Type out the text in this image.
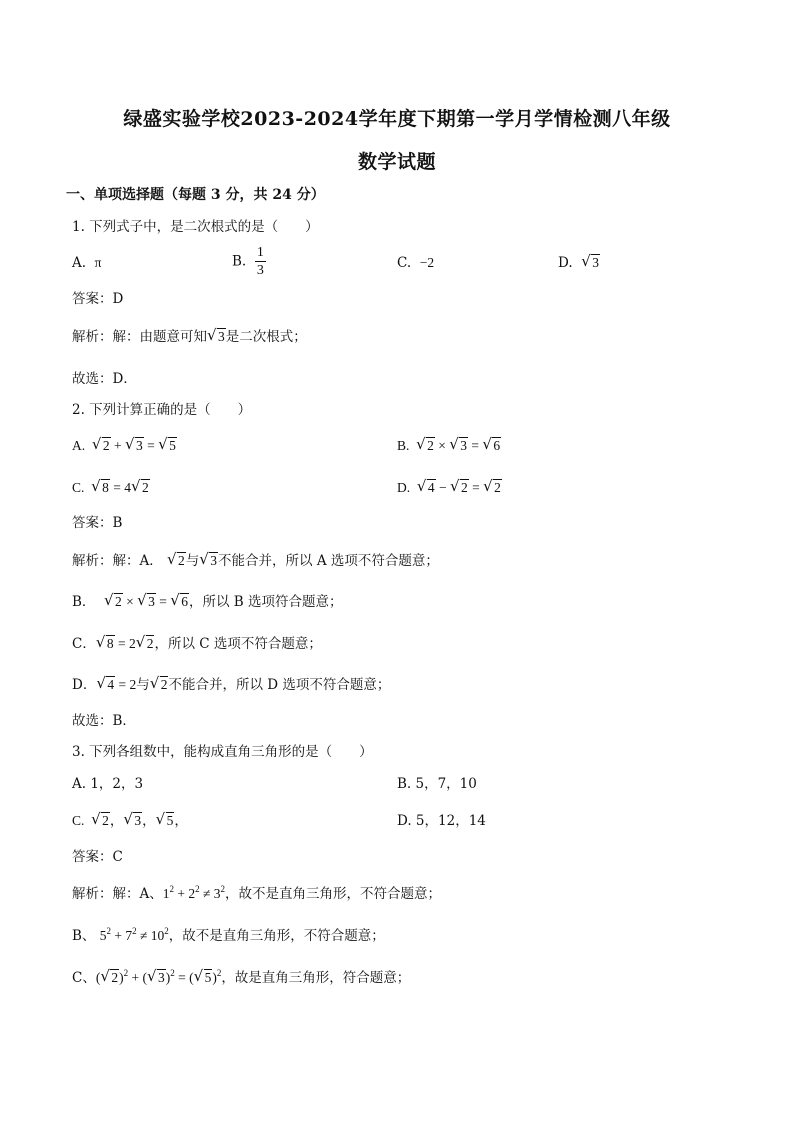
绿盛实验学校2023-2024学年度下期第一学月学情检测八年级
数学试题
一、单项选择题（每题 3 分，共 24 分）
1. 下列式子中，是二次根式的是（　　）
A. π	B. $\frac{1}{3}$	C. −2	D. √ 3
答案：D
解析：解：由题意可知 √ 3是二次根式；
故选：D．
2. 下列计算正确的是（　　）
A. √ 2 + √ 3 = √ 5	B. √ 2 × √ 3 = √ 6
C. √ 8 = 4 √ 2	D. √ 4 − √ 2 = √ 2
答案：B
解析：解：A． √ 2与 √ 3不能合并，所以 A 选项不符合题意；
B． √ 2 × √ 3 = √ 6，所以 B 选项符合题意；
C． √ 8 = 2 √ 2，所以 C 选项不符合题意；
D． √ 4 = 2与 √ 2不能合并，所以 D 选项不符合题意；
故选：B．
3. 下列各组数中，能构成直角三角形的是（　　）
A. 1，2，3	B. 5，7，10
C. √ 2， √ 3， √ 5，	D. 5，12，14
答案：C
解析：解：A、$1^2 + 2^2 \ne 3^2$，故不是直角三角形，不符合题意；
B、 $5^2 + 7^2 \ne 10^2$，故不是直角三角形，不符合题意；
C、( √ 2)$^2$ + ( √ 3)$^2$ = ( √ 5)$^2$，故是直角三角形，符合题意；
